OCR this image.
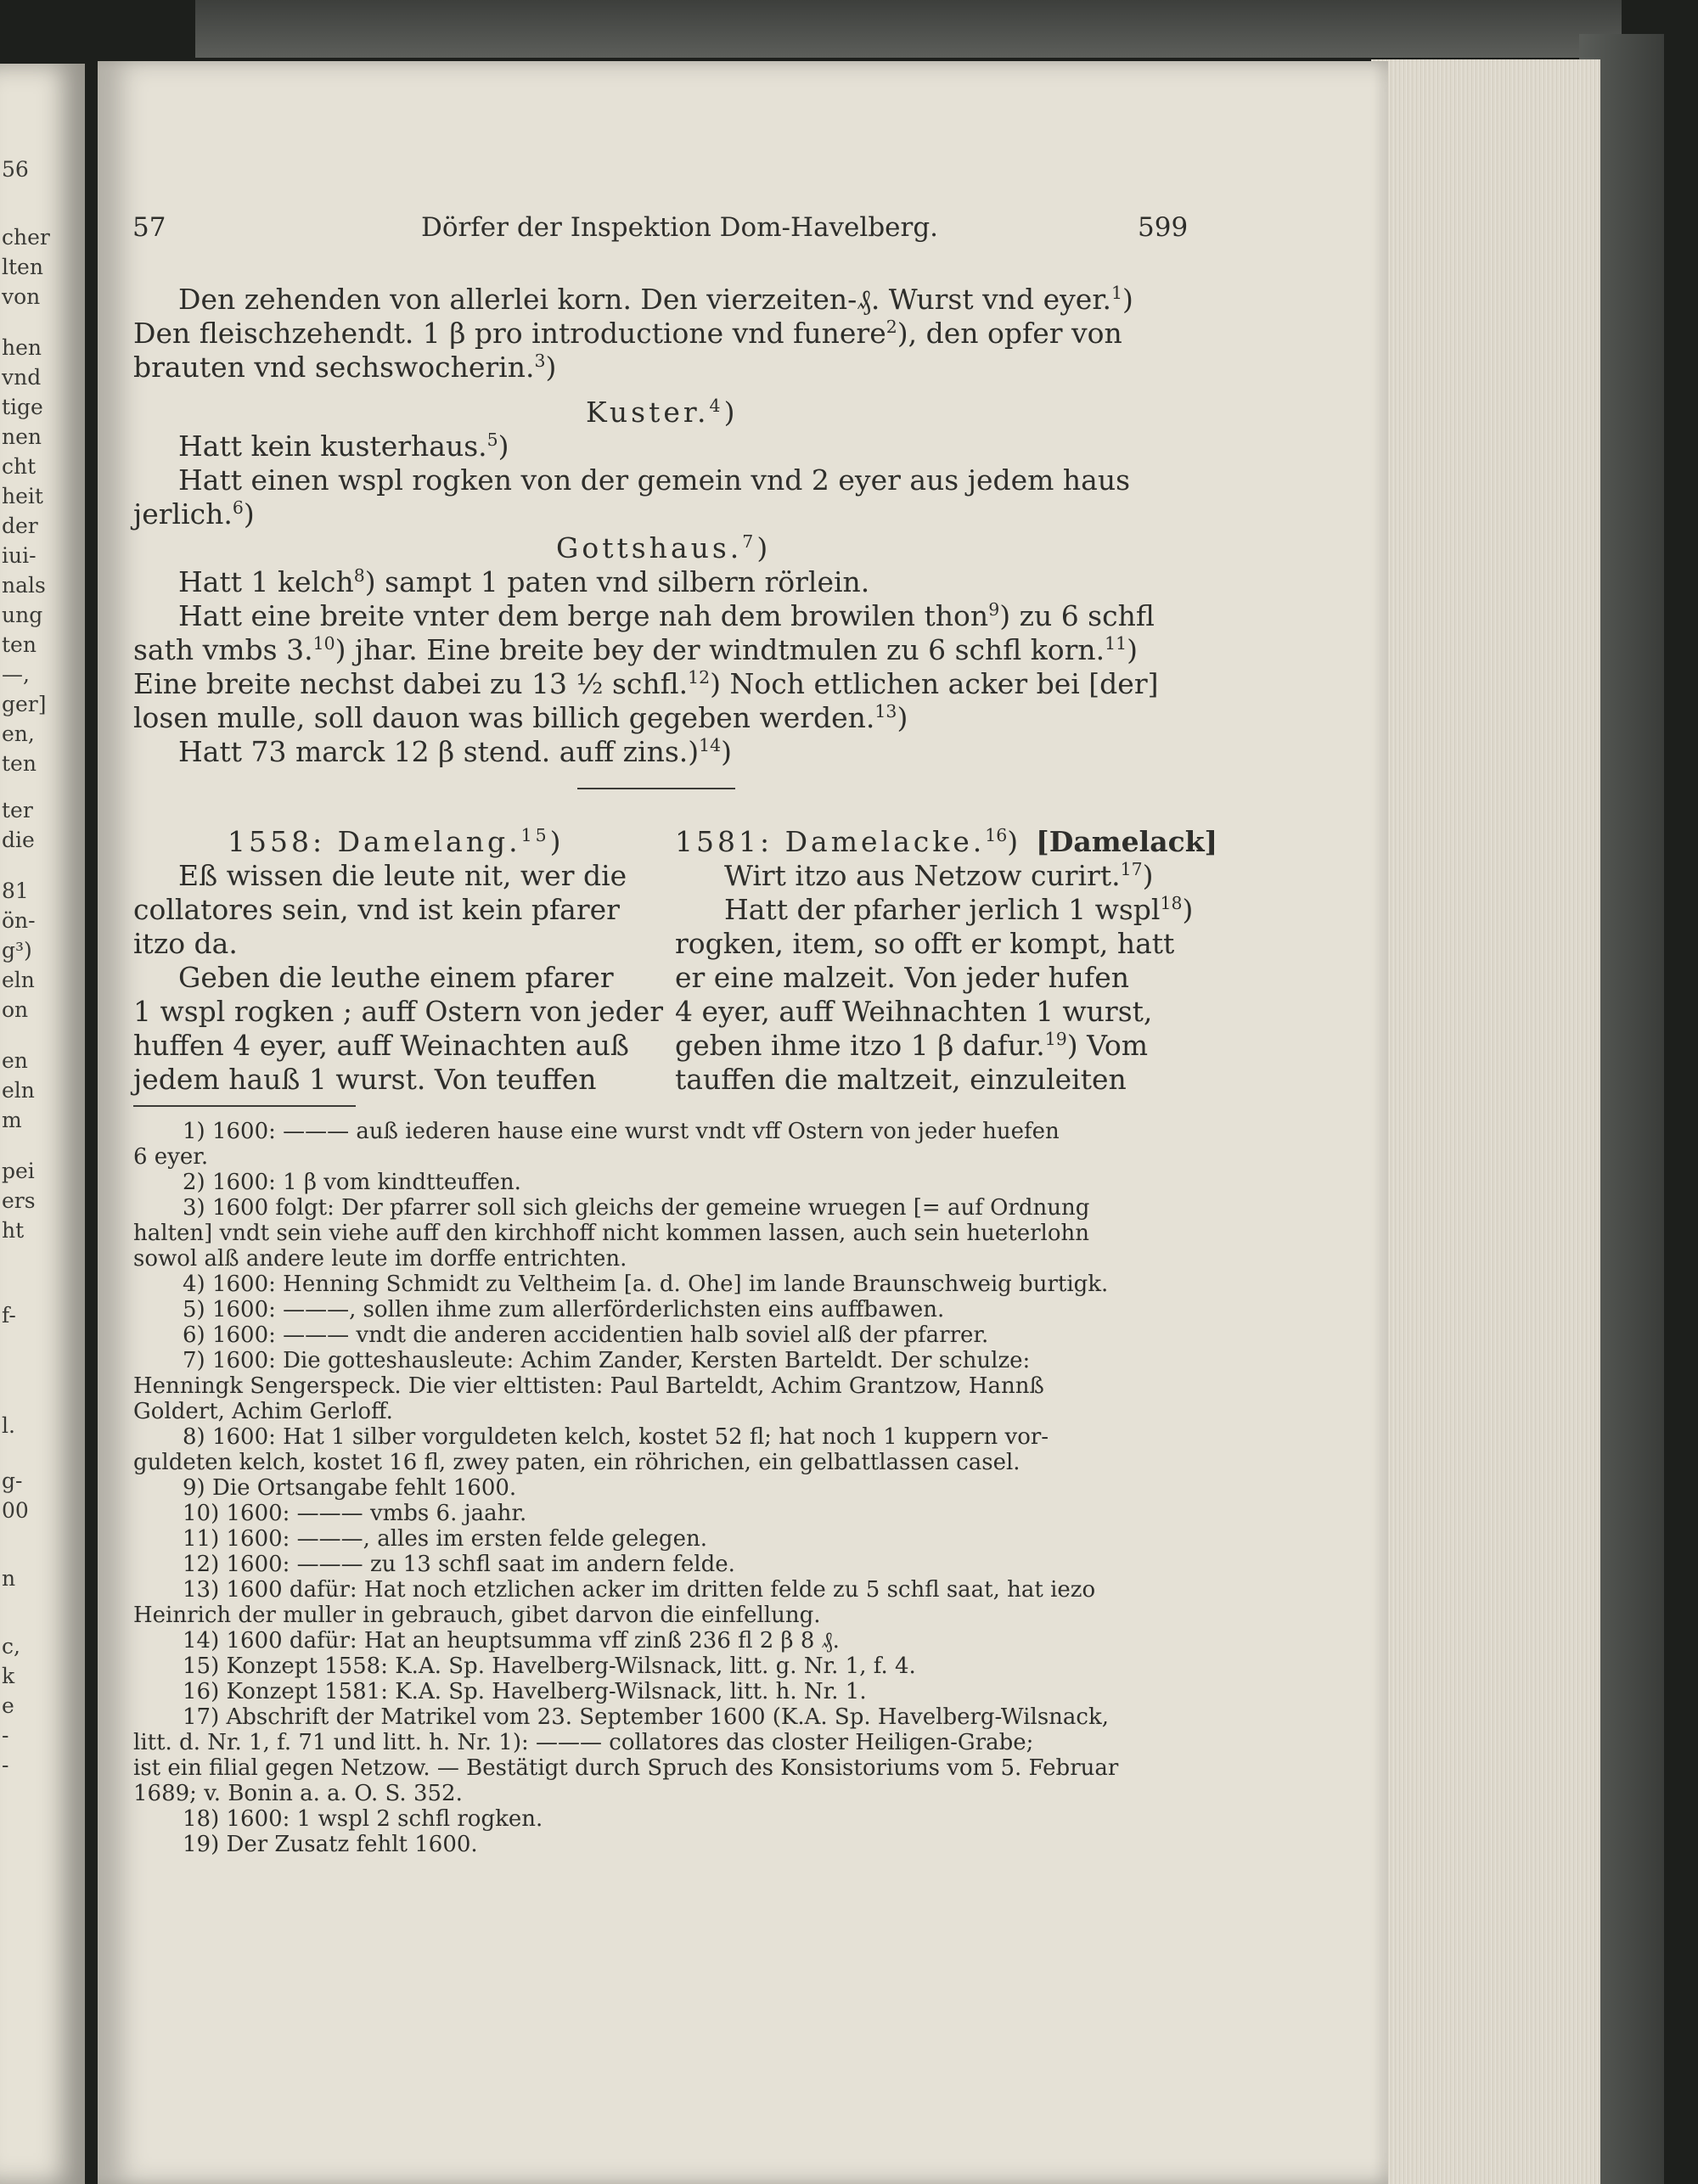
56
cher
lten
von
hen
vnd
tige
nen
cht
heit
der
iui-
nals
ung
ten
—,
ger]
en,
ten
ter
die
81
ön-
g³)
eln
on
en
eln
m
pei
ers
ht
f-
l.
g-
00
n
c,
k
e
-
-
57	Dörfer der Inspektion Dom-Havelberg.	599
Den zehenden von allerlei korn. Den vierzeiten-₰. Wurst vnd eyer.$^1$)
Den fleischzehendt. 1 β pro introductione vnd funere$^2$), den opfer von
brauten vnd sechswocherin.$^3$)
Kuster.$^4$)
Hatt kein kusterhaus.$^5$)
Hatt einen wspl rogken von der gemein vnd 2 eyer aus jedem haus
jerlich.$^6$)
Gottshaus.$^7$)
Hatt 1 kelch$^8$) sampt 1 paten vnd silbern rörlein.
Hatt eine breite vnter dem berge nah dem browilen thon$^9$) zu 6 schfl
sath vmbs 3.10) jhar. Eine breite bey der windtmulen zu 6 schfl korn.$^{11}$)
Eine breite nechst dabei zu 13 ½ schfl.$^{12}$) Noch ettlichen acker bei [der]
losen mulle, soll dauon was billich gegeben werden.$^{13}$)
Hatt 73 marck 12 β stend. auff zins.)$^{14}$)
1558: Damelang.$^{15}$)
Eß wissen die leute nit, wer die
collatores sein, vnd ist kein pfarer
itzo da.
Geben die leuthe einem pfarer
1 wspl rogken ; auff Ostern von jeder
huffen 4 eyer, auff Weinachten auß
jedem hauß 1 wurst. Von teuffen
1581: Damelacke.$^{16}$) [Damelack]
Wirt itzo aus Netzow curirt.$^{17}$)
Hatt der pfarher jerlich 1 wspl$^{18}$)
rogken, item, so offt er kompt, hatt
er eine malzeit. Von jeder hufen
4 eyer, auff Weihnachten 1 wurst,
geben ihme itzo 1 β dafur.$^{19}$) Vom
tauffen die maltzeit, einzuleiten
1) 1600: ——— auß iederen hause eine wurst vndt vff Ostern von jeder huefen
6 eyer.
2) 1600: 1 β vom kindtteuffen.
3) 1600 folgt: Der pfarrer soll sich gleichs der gemeine wruegen [= auf Ordnung
halten] vndt sein viehe auff den kirchhoff nicht kommen lassen, auch sein hueterlohn
sowol alß andere leute im dorffe entrichten.
4) 1600: Henning Schmidt zu Veltheim [a. d. Ohe] im lande Braunschweig burtigk.
5) 1600: ———, sollen ihme zum allerförderlichsten eins auffbawen.
6) 1600: ——— vndt die anderen accidentien halb soviel alß der pfarrer.
7) 1600: Die gotteshausleute: Achim Zander, Kersten Barteldt. Der schulze:
Henningk Sengerspeck. Die vier elttisten: Paul Barteldt, Achim Grantzow, Hannß
Goldert, Achim Gerloff.
8) 1600: Hat 1 silber vorguldeten kelch, kostet 52 fl; hat noch 1 kuppern vor-
guldeten kelch, kostet 16 fl, zwey paten, ein röhrichen, ein gelbattlassen casel.
9) Die Ortsangabe fehlt 1600.
10) 1600: ——— vmbs 6. jaahr.
11) 1600: ———, alles im ersten felde gelegen.
12) 1600: ——— zu 13 schfl saat im andern felde.
13) 1600 dafür: Hat noch etzlichen acker im dritten felde zu 5 schfl saat, hat iezo
Heinrich der muller in gebrauch, gibet darvon die einfellung.
14) 1600 dafür: Hat an heuptsumma vff zinß 236 fl 2 β 8 ₰.
15) Konzept 1558: K.A. Sp. Havelberg-Wilsnack, litt. g. Nr. 1, f. 4.
16) Konzept 1581: K.A. Sp. Havelberg-Wilsnack, litt. h. Nr. 1.
17) Abschrift der Matrikel vom 23. September 1600 (K.A. Sp. Havelberg-Wilsnack,
litt. d. Nr. 1, f. 71 und litt. h. Nr. 1): ——— collatores das closter Heiligen-Grabe;
ist ein filial gegen Netzow. — Bestätigt durch Spruch des Konsistoriums vom 5. Februar
1689; v. Bonin a. a. O. S. 352.
18) 1600: 1 wspl 2 schfl rogken.
19) Der Zusatz fehlt 1600.
